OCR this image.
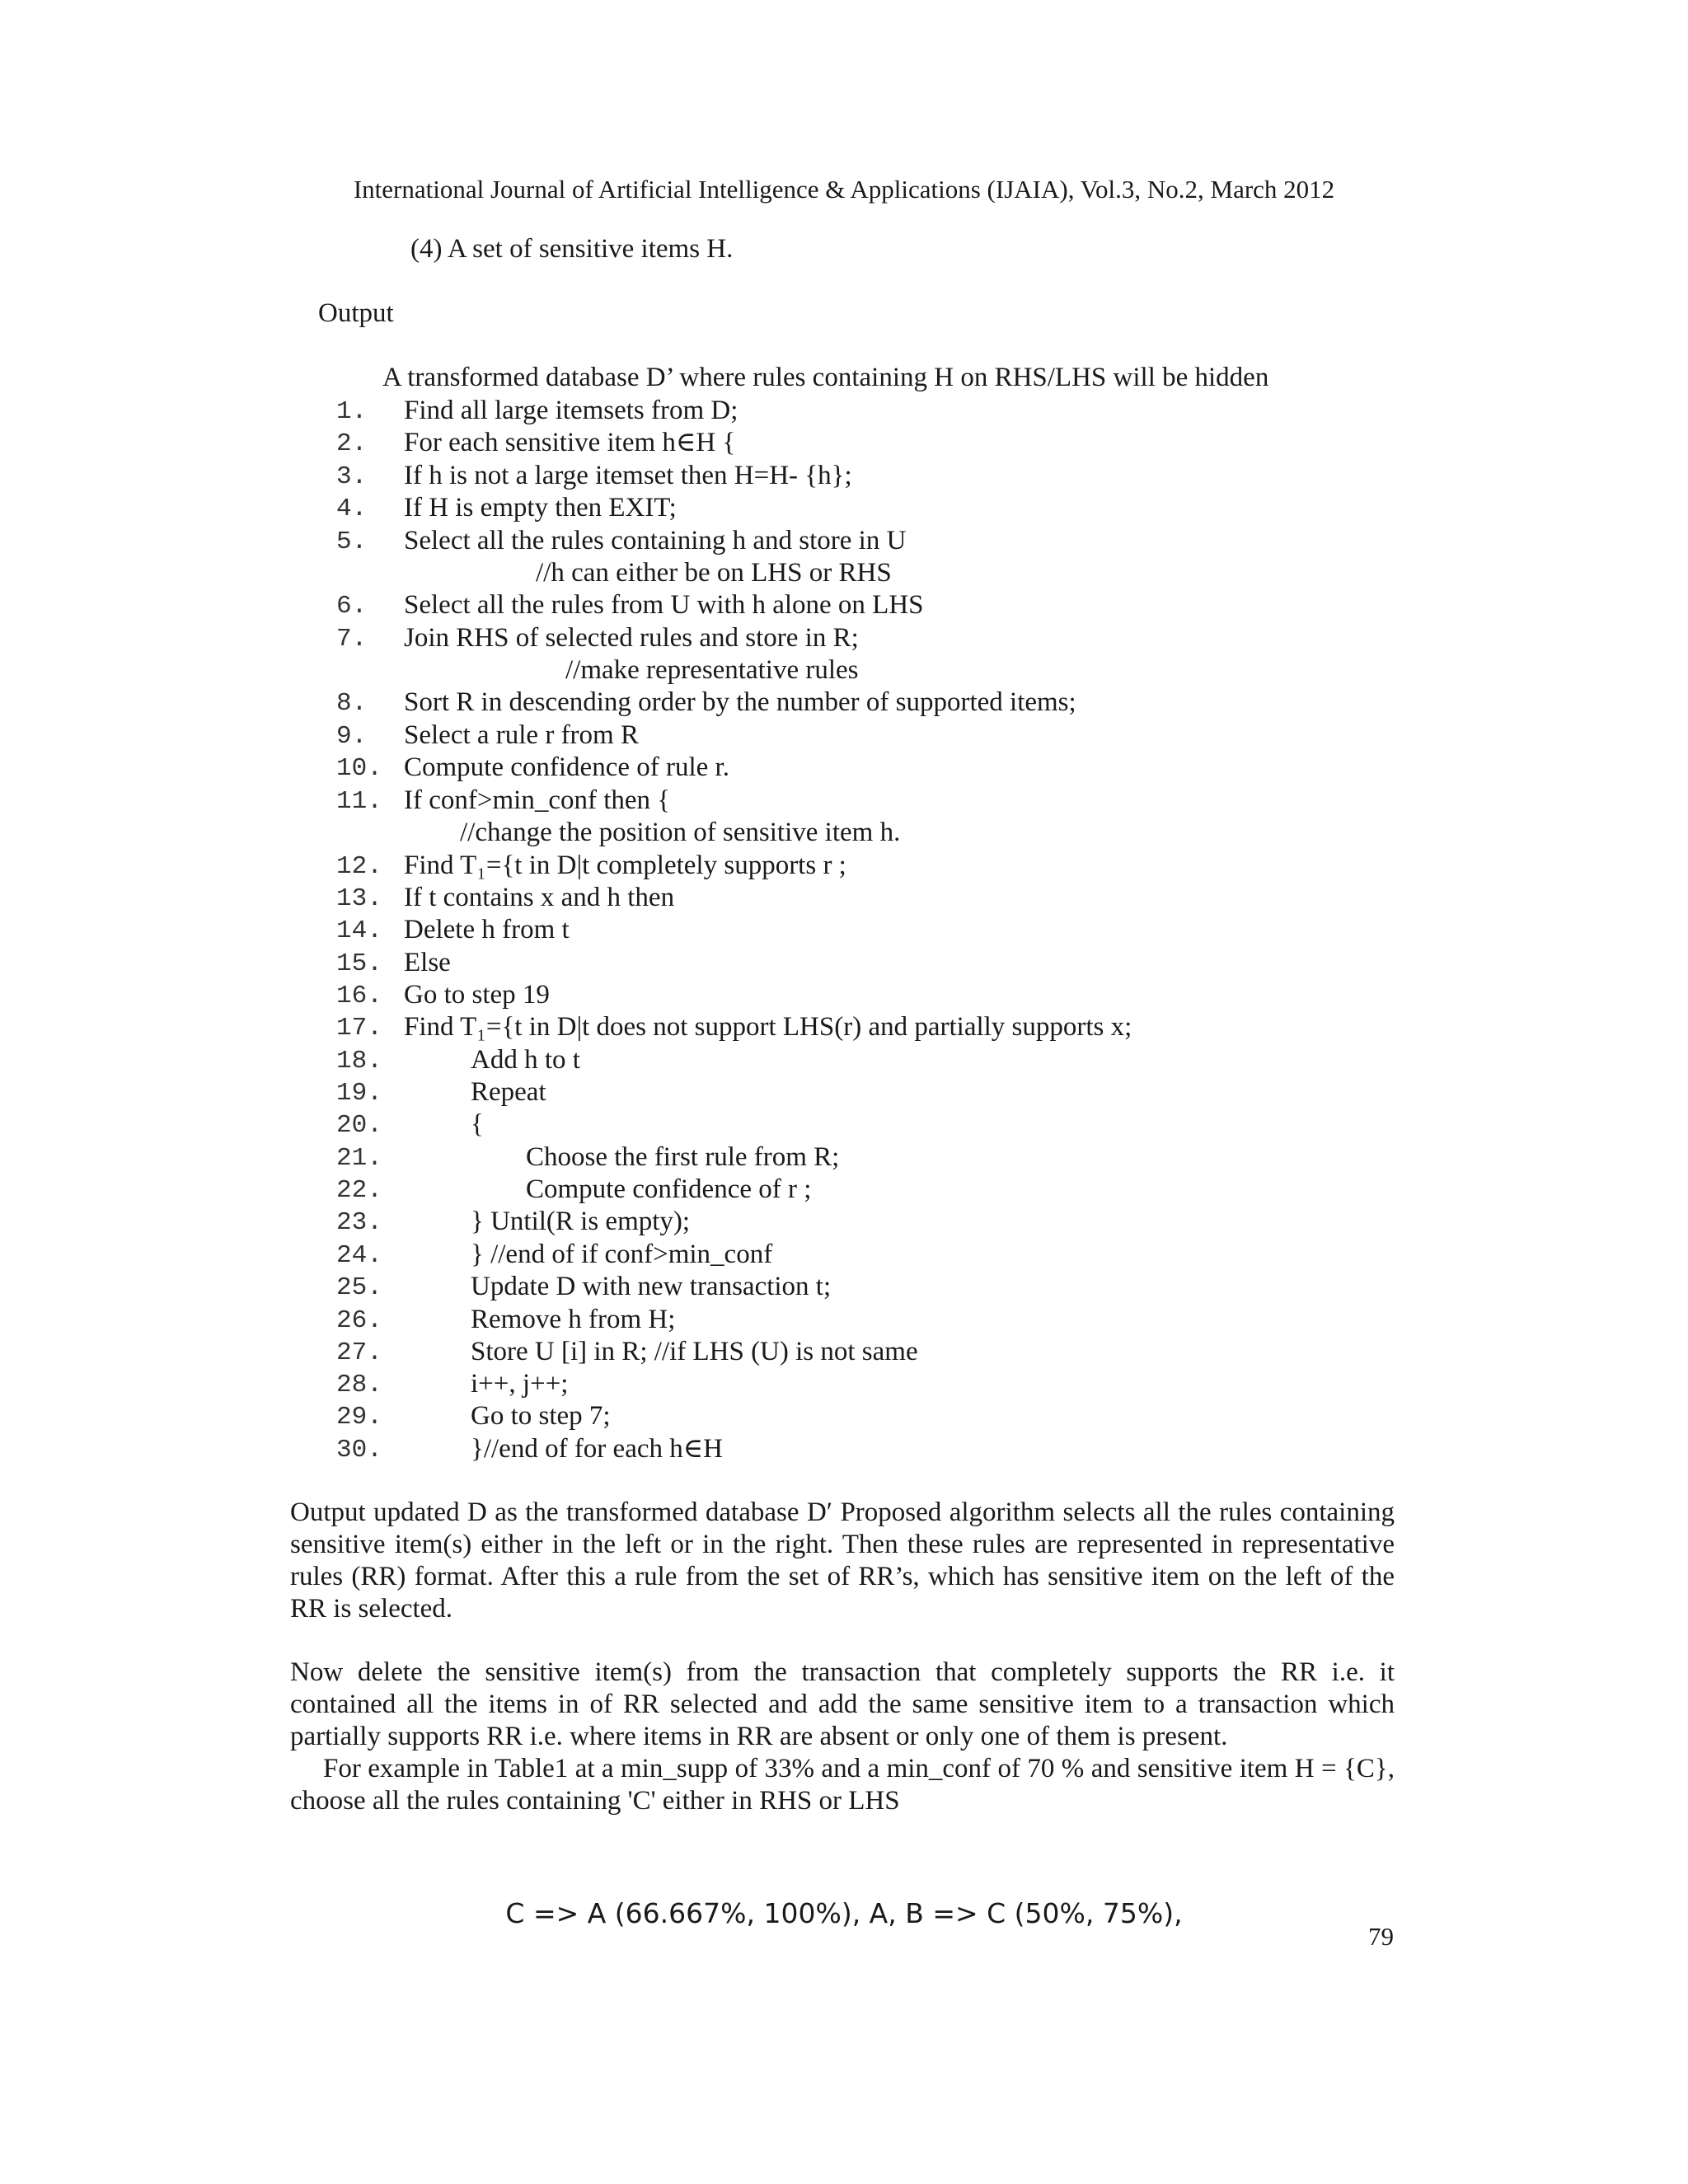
International Journal of Artificial Intelligence & Applications (IJAIA), Vol.3, No.2, March 2012
(4) A set of sensitive items H.
Output
A transformed database D’ where rules containing H on RHS/LHS will be hidden
1.	Find all large itemsets from D;
2.	For each sensitive item h∈H {
3.	If h is not a large itemset then H=H- {h};
4.	If H is empty then EXIT;
5.	Select all the rules containing h and store in U
//h can either be on LHS or RHS
6.	Select all the rules from U with h alone on LHS
7.	Join RHS of selected rules and store in R;
//make representative rules
8.	Sort R in descending order by the number of supported items;
9.	Select a rule r from R
10. Compute confidence of rule r.
11. If conf>min_conf then {
//change the position of sensitive item h.
12. Find T₁={t in D|t completely supports r ;
13. If t contains x and h then
14. Delete h from t
15. Else
16. Go to step 19
17. Find T₁={t in D|t does not support LHS(r) and partially supports x;
18.	Add h to t
19.	Repeat
20.	{
21.	Choose the first rule from R;
22.	Compute confidence of r ;
23.	} Until(R is empty);
24.	} //end of if conf>min_conf
25.	Update D with new transaction t;
26.	Remove h from H;
27.	Store U [i] in R; //if LHS (U) is not same
28.	i++, j++;
29.	Go to step 7;
30.	}//end of for each h∈H
Output updated D as the transformed database D′ Proposed algorithm selects all the rules containing sensitive item(s) either in the left or in the right. Then these rules are represented in representative rules (RR) format. After this a rule from the set of RR’s, which has sensitive item on the left of the RR is selected.
Now delete the sensitive item(s) from the transaction that completely supports the RR i.e. it contained all the items in of RR selected and add the same sensitive item to a transaction which partially supports RR i.e. where items in RR are absent or only one of them is present.
For example in Table1 at a min_supp of 33% and a min_conf of 70 % and sensitive item H = {C}, choose all the rules containing 'C' either in RHS or LHS
C => A (66.667%, 100%), A, B => C (50%, 75%),
79
